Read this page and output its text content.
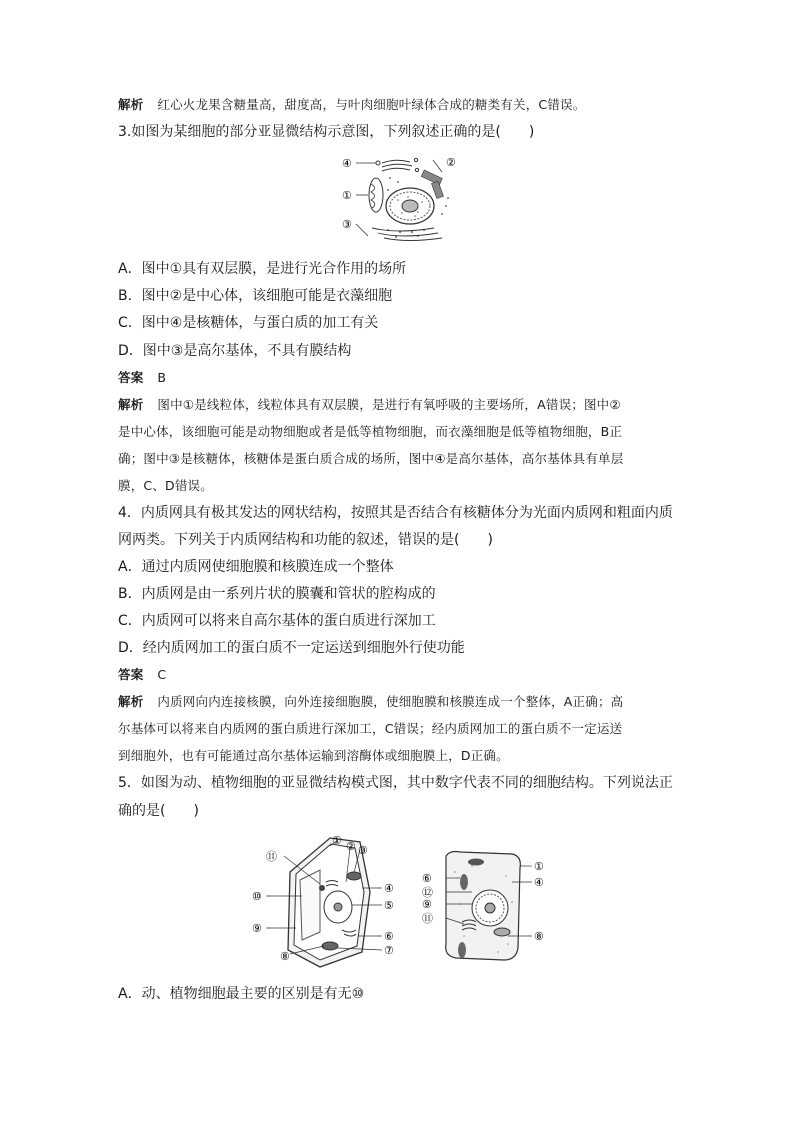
解析 红心火龙果含糖量高，甜度高，与叶肉细胞叶绿体合成的糖类有关，C错误。
3.如图为某细胞的部分亚显微结构示意图，下列叙述正确的是(　　)
④	②
①
③
A．图中①具有双层膜，是进行光合作用的场所
B．图中②是中心体，该细胞可能是衣藻细胞
C．图中④是核糖体，与蛋白质的加工有关
D．图中③是高尔基体，不具有膜结构
答案 B
解析 图中①是线粒体，线粒体具有双层膜，是进行有氧呼吸的主要场所，A错误；图中②
是中心体，该细胞可能是动物细胞或者是低等植物细胞，而衣藻细胞是低等植物细胞，B正
确；图中③是核糖体，核糖体是蛋白质合成的场所，图中④是高尔基体，高尔基体具有单层
膜，C、D错误。
4．内质网具有极其发达的网状结构，按照其是否结合有核糖体分为光面内质网和粗面内质
网两类。下列关于内质网结构和功能的叙述，错误的是(　　)
A．通过内质网使细胞膜和核膜连成一个整体
B．内质网是由一系列片状的膜囊和管状的腔构成的
C．内质网可以将来自高尔基体的蛋白质进行深加工
D．经内质网加工的蛋白质不一定运送到细胞外行使功能
答案 C
解析 内质网向内连接核膜，向外连接细胞膜，使细胞膜和核膜连成一个整体，A正确；高
尔基体可以将来自内质网的蛋白质进行深加工，C错误；经内质网加工的蛋白质不一定运送
到细胞外，也有可能通过高尔基体运输到溶酶体或细胞膜上，D正确。
5．如图为动、植物细胞的亚显微结构模式图，其中数字代表不同的细胞结构。下列说法正
确的是(　　)
⑪
① ② ③
⑩
④
⑤
⑨
⑥
⑧	⑦
⑥
①
⑫
④
⑨
⑪
⑧
A．动、植物细胞最主要的区别是有无⑩
